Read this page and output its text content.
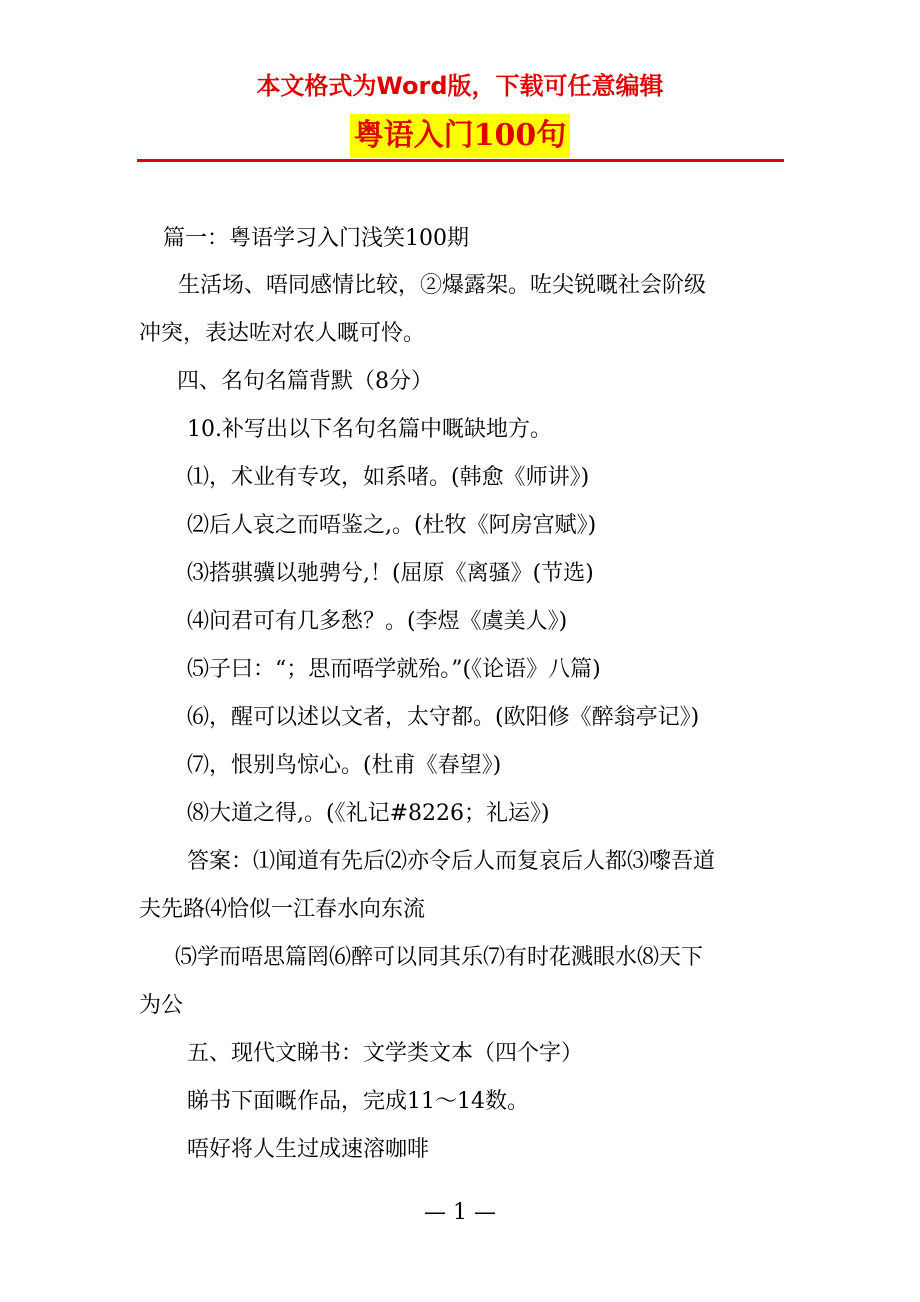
本文格式为Word版，下载可任意编辑
粤语入门100句
篇一：粤语学习入门浅笑100期
生活场、唔同感情比较，②爆露架。咗尖锐嘅社会阶级
冲突，表达咗对农人嘅可怜。
四、名句名篇背默（8分）
10.补写出以下名句名篇中嘅缺地方。
⑴，术业有专攻，如系啫。(韩愈《师讲》)
⑵后人哀之而唔鉴之,。(杜牧《阿房宫赋》)
⑶搭骐骥以驰骋兮,！(屈原《离骚》(节选)
⑷问君可有几多愁？。(李煜《虞美人》)
⑸子曰：“；思而唔学就殆。”(《论语》八篇)
⑹，醒可以述以文者，太守都。(欧阳修《醉翁亭记》)
⑺，恨别鸟惊心。(杜甫《春望》)
⑻大道之得,。(《礼记#8226；礼运》)
答案：⑴闻道有先后⑵亦令后人而复哀后人都⑶嚟吾道
夫先路⑷恰似一江春水向东流
⑸学而唔思篇罔⑹醉可以同其乐⑺有时花溅眼水⑻天下
为公
五、现代文睇书：文学类文本（四个字）
睇书下面嘅作品，完成11～14数。
唔好将人生过成速溶咖啡
— 1 —
